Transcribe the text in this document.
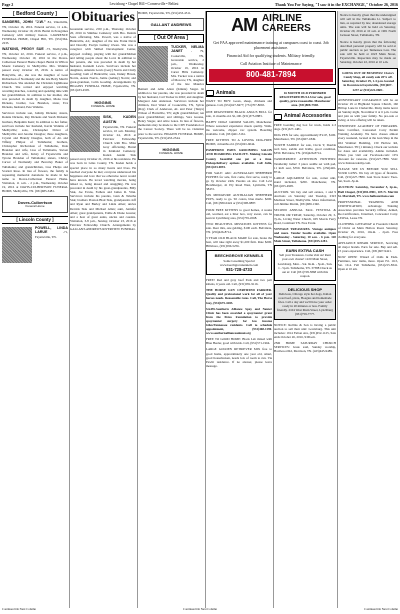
Page 2	Lewisburg • Chapel Hill • Cornersville • Belfast	Thank You For Saying, "I saw it in the EXCHANGE," October 26, 2016
[ Bedford County ]

SANDERS, JOHN "J.W." 84, Unionville, TN, October 16, 2016. Funeral service, 11 a.m., Wednesday, October 19, 2016. Burial in Peregrines Cemetery with military honors. LAWRENCE FUNERAL HOME, Chapel Hill, TN. (931)364-2233.

WATKINS, PEGGY SUE -73, Shelbyville, TN, October 22, 2016. Funeral service, 2 p.m., Wednesday, October 19, 2016 in the Doves-Culbertson Funeral Home chapel. Burial in Willow Mount Cemetery in Shelbyville. Mrs. Watkins passed away October 18, 2016. A native of Haleyville, AL, she was the daughter of Leon Richardson of Normandy and the late Betty Merritt Richardson. She attended the Christian Lighthouse Church. She retired and enjoyed watching wrestling matches, coloring and spending time with her grandchildren. In addition to her mother, she was preceded in death by daughter, Mona Lisa Dickens, brother, Lee Brandon, sister, Eva Dickens, husband, Pete Watkins.

Survivors include son, Johnny Dickens; sisters, Ronnie Dickens, Ray Dickens and Sarah Dickens; brothers, Benjamin Kern; In addition to her father, survivors include her husband, Kevin Watkins of Shelbyville; sons, Christopher Driver of Shelbyville and Jerome Douglas; three daughters, Crystal and Brandy Douglas, both of AL and Tiffany Philpot of Tullahoma; brothers, Christopher Richardson of Tullahoma, Dale Brandon and wife, Lisa of Tullahoma, Steven Brandon and wife, Kristy of Fayetteville and Tyrone Brandon of Tullahoma; sisters, Christy Carver of Normandy and Beverley Baker of Tullahoma; and grandchildren, Lisa Phelps and Scarlett Rose. In lieu of flowers, the family is requesting memorial donations be made in her name to Doves-Culbertson Funeral Home. Visitation, 11 a.m. - 2 p.m., Wednesday, October 19, 2016 at DAVIS-CULBERTSON FUNERAL HOME, Shelbyville, TN. (931)685-3481.

Doves-Culbertson
Funeral Home
[ Lincoln County ]

POWELL, LINDA LARUE	-71, Fayetteville, TN.

Obituaries

Greenside service, 2:00 p.m., Thursday, October 20, 2016 in Smithee Cemetery with Bro. Dennis Sons officiating. Mrs. Powell, was a native of Huntsville, AL; daughter of the late Frank Davis and Dorothy Evelyn Lumley Owen. She was a caregiver with Skilled Development Center, enjoyed crafting, playing with her grandchildren and telling people about the Lord. In addition to her parents, she was preceded in death by her husband, Kenneth Lewis. Survivors include her daughters, Amanda Lewis (Gary) Norris and Cindy Gooding; both of Huntsville; sons, Danny Haven, Norris, Azana Norris, Jamie (Ashley) Norris; and great-grandson, Colin Gooding. Arrangements by HIGGINS FUNERAL HOME, Fayetteville, TN. (931)433-4505.

HIGGINS
FUNERAL HOME

SISK, KADEN AUSTIN	6, Fayetteville, TN. Funeral service, 10 a.m. Monday, October 24, 2016 at Fairview Fellowship Church with Bro. Mike Gray officiating. Burial in Kirkland Cemetery. Kaden Austin Sisk passed away October 21, 2016 at his residence. He was born in Giles County, TN. Kaden holds a special place in so many hearts and lives. He touched everyone he met; everyone understood his happiness and love that we otherwise never would have known. He loved watching movies, being talked to, being kissed and snuggling. He was preceded in death by his great-grandparents, Billy Sisk, Joe Evans, Fathers and James R. Vinn. Survivors include his parents, Glen & Tabetha Sisk; brothers Preston Blair Sisk, grandparents Jeff and Ryan and Burley and Linda Allen; uncles Derrick Sisk and Michael Allen; aunt, Jennifer Allen; great grandparents, Eddie & Diane Greene; and a host of great aunts, uncles and cousins. Visitation, 3-8 p.m., Sunday, October 23, 2016 at Fairview Fellowship Church. Arrangements by GALLANT-ANDREWS RIVERVIEW FUNERAL

HOME, Fayetteville, TN, (931)433-4511.

GALLANT ANDREWS
[ Out Of Area ]

TUCKER, NELMA JANET	- 79, Cookeville, TN, Graveside service, 2 p.m., Wednesday, October 19, 2016 in Carter Hills Cemetery. Mrs. Tucker was a native of Moscow, TN, daughter of the late Maurice Bennett and Allie Alton (Kinnie) Steger. In addition to her parents, she was preceded in death by her husband, Carl Tucker in 2002; and daughter, Margaret Ann Anderson. Survivors include her children, Dod Wand of Cookeville, TN, Sylvie (Ray) Clark of Anderson, AL and Peter (Tanya) Wilson of Hartsville, TN; eight grandchildren; ten great grandchildren; and siblings, Vera Greene, Henry Steger, and Alice Gates. In lieu of flowers, memorials may be made to the CDY Foundation or the Cancer Society. There will be no visitation prior to the service. HIGGINS FUNERAL HOME, Fayetteville, TN. (931)433-2544.

HIGGINS
FUNERAL HOME
AM AIRLINE
CAREERS
Get FAA approved maintenance training at campuses coast to coast. Job placement assistance.
Financial Aid for qualifying students. Military friendly.
Call Aviation Institute of Maintenance
800-481-7894
Animals

WANT TO BUY: Goats, sheep, chickens and guineas. Call, (931)627-8477; (731)707-8065.

ONE REGISTERED BLACK ANGUS BULL for sale, 11 months old. $1,100. (931)375-0883.

HAPPY DOGZ GROOM SALON, Manchester. Where seasoned experience meets quality. Walk-ins welcome, clipper vac system. Boarding available. Call, (931)461-5161.

FREE KITTENS TO A LOVING DOG-FREE HOME, 4 months old. (931)691-6044.

PAMPERED PAWS GROOMING SALON AND BOARDING FACILITY. Making Lincoln County beautiful one pet at a time. Pickup/delivery options available. Call Julie, (931)433-0091.

FOR SALE: AKC AUSTRALIAN SHEPHERD PUPPIES for sale, first come, first serve, ready to go by October 24th. Parents on site. Call Levi Hershberger, 41 Ely Road West, Lynnville, TN 38472.

SIX MINIATURE AUSTRALIAN SHEPHERD PUPS, ready to go. Tri colors, blue merle. $200. Call, (931)580-0424 or (931)308-9887.

FOUR FREE KITTENS to good homes, 4 weeks old, wormed, eat a litter box, very sweet, can be seen in Lynchburg area, (931)759-4568.

TWO BEAUTIFUL MISSLTOES KITTENS for sale. Deer mix, one gelding, $100 each. Belvidere, TN. (256)426-8714.

3 YEAR OLD BLACK MARE for sale, broke the best, will take right away $1,200 firm. Rate $200. Hillsboro, (931)596-5256.

BEECHGROVE KENNELS
Some Grooming Special www.beechgrovekennels.com
931-728-4733

FREE! Red and gray beef Pads and two pair kittens, 6 years old. Call, (931)581-9116.

THE HORSE GUY CERTIFIED FARRIER. Quality and professional work for all of your horses needs. Reasonable rates. Call, The Horse Guy, (931)675-4283.

SAAW-Southern Alliance Spay and Neuter Clinic has been awarded a spay/neuter grant from the Petco Foundation to provide spay/neuter surgery for low income Giles/Tennessee residents. Call to schedule appointment, (931)468-1190. www.southernallianceanimal.org

FREE TO GOOD HOME: Black Lab mixed with Blue Heeler, good with kids. Call, (931)571-1964.

LARGE GOLDEN RETRIEVER MIX free to good home, approximately one year old, smart, good housebroken, needs lots of room to run. Via Pewitt residence. If no answer, please leave message.

16 MONTH OLD PUREBRED REGISTERED BULLS for sale, good quality, price reasonable. Manchester area. (931)808-7948.
Animal Accessories

FREE boarding dog box for truck, holds 2-3 dogs. (931)327-1481.

DOG PEN for sale, approximately 8'x10', $100. Manchester, TN. (931)607-1849.

YOUTH SADDLE for sale, Circle Y, Double web bars, saddle and bridle, good condition, $350. Belvidere, TN. (256)426-8714.

TAXIDERMIST: ATTENTION HUNTERS: Taxidermy ladies' 3 piece saddle set with pad, 11 inch seat, $350. Belvidere, TN. (256)426-8714.

LARGE AQUARIUM for sale, corner unit, stand included, $200. Manchester, TN. (931)455-4995.

AUCTION. We buy and sell estates, 1 and 9 Auctions on Saturday and Tuesday, 2323 Madison Street, Shelbyville. More information, call Jimmie Martin, (931)680-1340.

SECOND ANNUAL FALL FESTIVAL & TRUNK OR TREAT, Saturday, October 29, 3-7p.m., Living Water Church, 605 Morris Ferry Road, Coalmont TN. Free Event.

VINTAGE TREASURES. Vintage antiques and more. Vendor booths available. Open Wednesday - Saturday, 10 a.m. - 6 p.m. 120 Main Street, Tullahoma. (931)455-2281.

EARN EXTRA CASH
Sell your Treasures. Come visit us! Rent your own cluster! 1220 Main Street, Lewisburg. Mon. - Sat. 9a.m. - 5p.m., Sun. 1 - 5p.m. Tullahoma, TN. 37388 Check us out at: Call (931)728-5868 with this coupon.
DELICIOUS SHOP
Delicious, Chicago style hot dogs, Italian roast beef, pizza, Hoagies and homemade fries. Call a day and we'll have your order ready in 20 minutes or less. Family friendly. 2104 West Main Street, Lynchburg (931)759-7777.

NOTICE: Rollins & Son is having a public auction to sell their unit: Lewisburg. This unit includes: 1914 Fulton Ave, (931)652-1125, Sale ends October 26, 2016, 9:00a.m.

2ND HOME SATURDAY CHURCH SERVICES: Jesus said, Sunday worship, Hardwood Rd, Morrison, TN. (423)445-9489.

Notice is hereby given that the undersigned will sell in the Tullahoma Lt. Subject to lien, as required by law, abandoned storage units. The sale will be held on Saturday, October 29, 2016 at 10 a.m. at 1901 North Jackson Street, Tullahoma, TN.

Notice is hereby given that the following described personal property will be sold at public auction as per Tennessee Law. The sale will be held at 1023 Main Street, Fayetteville. Inspection may be made on Saturday, October 22, 2016 at 10 a.m.

GOING OUT OF BUSINESS! Clara's Candy Shop, all candy sale 20% off. Saturday, October 29, 1-4 p.m. located in Downtown Fayetteville, (931)607-2237 or (931)222-0601.

ANNIVERSARY CLEARANCE will be on October 29 at Highland Square Church, 160 Hilltop Lane in Clarksville. Many items never on Sunday night, November 6 at 6 p.m. Come and join us with your family. No pre-sale or swing. A love offering will be taken.

TENNESSEE ACADEMY OF FIREARMS. State Certified, Concealed Carry Permit Training Academy. We have classes almost every weekend, located at the Gun Shop in the Old Walmart Building, 130 Hollow Rd, Manchester. TN (1 minute). Check our website for dates and availability. Ammo included. When you visit our Facebook.com: 10% discount for veterans. (931)227-7880. Visit: www.TennAcademy.com.

PLEASE SEE US BEFORE YOU SELL YOUR GUNS. We buy all types of firearms. Call, (931)227-7880. Gun Store hours: Tues-Sat, 9a.m.-5p.m.

AUCTION: Saturday, November 5, 2p.m., Hall Chapel, (931)581-8901, 105 N. Merritt St. Marshall, TN. www.hallsauctions.com

PROFESSIONAL TRAINING AND CERTIFICATION, Advantage Training Associates provides Security Officer, Armed, Re-Certification, Unarmed, Concealed Carry. LEOSA, Lease TN.

CLOTHING GIVEAWAY at Freedom Church of Christ on Main Hollow Road. Saturday, October 29, 2016, 10a.m. - 2p.m. Free clothing for everyone.

APPLIANCE REPAIR SERVICE, Servicing all major brands. Parts for sale. Buy and sell. 15 years experience. Call, (931)607-9421.

NOW OPEN! Wizard of Odds & Ends. Furniture, new items, more. Open Fri. 10-5, Sat. 10-4. Fall Tullahoma, (931)215-8341. Open at 10 am.

Continued On Next Column	Continued On Next Column	Continued On Next Column
